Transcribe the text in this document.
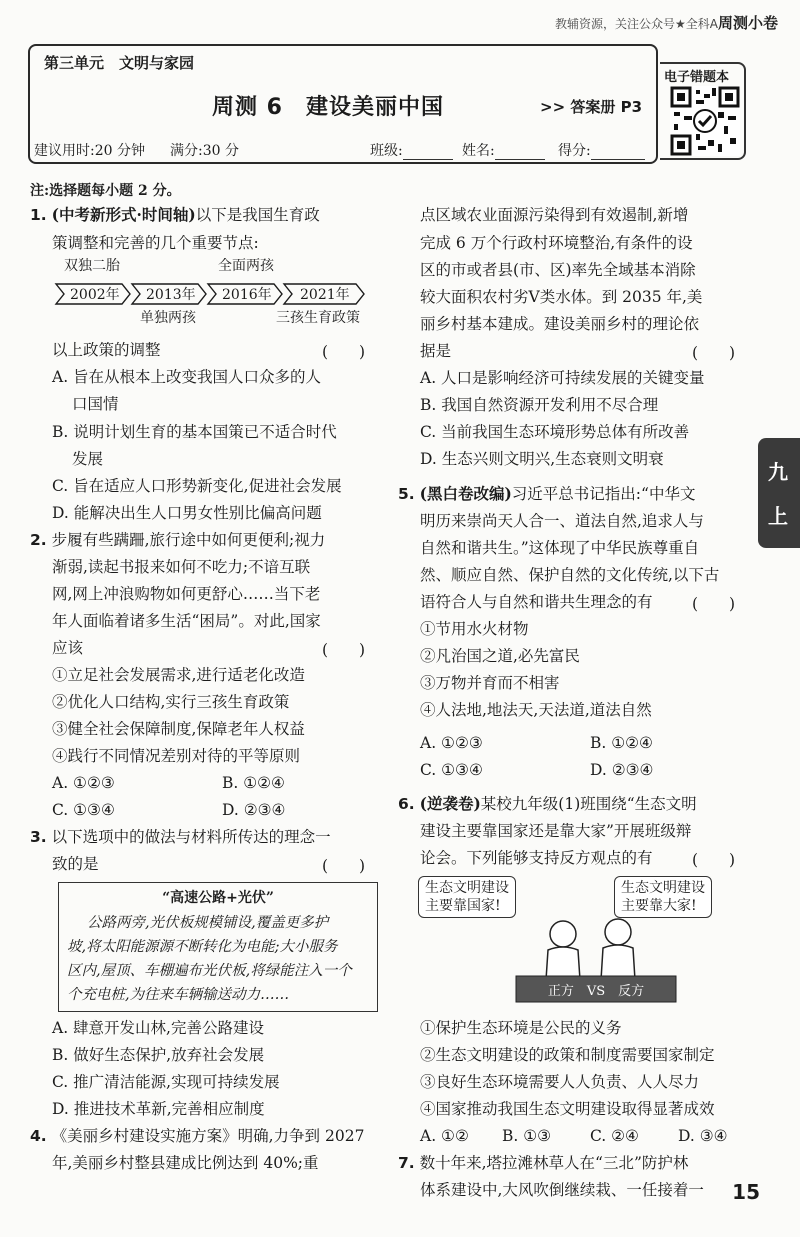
教辅资源，关注公众号★全科A周测小卷
第三单元　文明与家园
周测 6　建设美丽中国	>> 答案册 P3
建议用时:20 分钟 满分:30 分	班级:	姓名:	得分:
电子错题本
注:选择题每小题 2 分。
1. (中考新形式·时间轴)以下是我国生育政
策调整和完善的几个重要节点:
双独二胎	全面两孩
2002年 2013年 2016年 2021年
单独两孩	三孩生育政策
以上政策的调整	(　　)
A. 旨在从根本上改变我国人口众多的人
口国情
B. 说明计划生育的基本国策已不适合时代
发展
C. 旨在适应人口形势新变化,促进社会发展
D. 能解决出生人口男女性别比偏高问题
2. 步履有些蹒跚,旅行途中如何更便利;视力
渐弱,读起书报来如何不吃力;不谙互联
网,网上冲浪购物如何更舒心……当下老
年人面临着诸多生活“困局”。对此,国家
应该	(　　)
①立足社会发展需求,进行适老化改造
②优化人口结构,实行三孩生育政策
③健全社会保障制度,保障老年人权益
④践行不同情况差别对待的平等原则
A. ①②③	B. ①②④
C. ①③④	D. ②③④
3. 以下选项中的做法与材料所传达的理念一
致的是	(　　)
“高速公路+光伏”
公路两旁,光伏板规模铺设,覆盖更多护
坡,将太阳能源源不断转化为电能;大小服务
区内,屋顶、车棚遍布光伏板,将绿能注入一个
个充电桩,为往来车辆输送动力……
A. 肆意开发山林,完善公路建设
B. 做好生态保护,放弃社会发展
C. 推广清洁能源,实现可持续发展
D. 推进技术革新,完善相应制度
4. 《美丽乡村建设实施方案》明确,力争到 2027
年,美丽乡村整县建成比例达到 40%;重
点区域农业面源污染得到有效遏制,新增
完成 6 万个行政村环境整治,有条件的设
区的市或者县(市、区)率先全域基本消除
较大面积农村劣Ⅴ类水体。到 2035 年,美
丽乡村基本建成。建设美丽乡村的理论依
据是	(　　)
A. 人口是影响经济可持续发展的关键变量
B. 我国自然资源开发利用不尽合理
C. 当前我国生态环境形势总体有所改善
D. 生态兴则文明兴,生态衰则文明衰
5. (黑白卷改编)习近平总书记指出:“中华文
明历来崇尚天人合一、道法自然,追求人与
自然和谐共生。”这体现了中华民族尊重自
然、顺应自然、保护自然的文化传统,以下古
语符合人与自然和谐共生理念的有	(　　)
①节用水火材物
②凡治国之道,必先富民
③万物并育而不相害
④人法地,地法天,天法道,道法自然
A. ①②③	B. ①②④
C. ①③④	D. ②③④
6. (逆袭卷)某校九年级(1)班围绕“生态文明
建设主要靠国家还是靠大家”开展班级辩
论会。下列能够支持反方观点的有	(　　)
生态文明建设
主要靠国家!
生态文明建设
主要靠大家!
正方　VS　反方
①保护生态环境是公民的义务
②生态文明建设的政策和制度需要国家制定
③良好生态环境需要人人负责、人人尽力
④国家推动我国生态文明建设取得显著成效
A. ①② B. ①③	C. ②④	D. ③④
7. 数十年来,塔拉滩林草人在“三北”防护林
体系建设中,大风吹倒继续栽、一任接着一
九
上
15
